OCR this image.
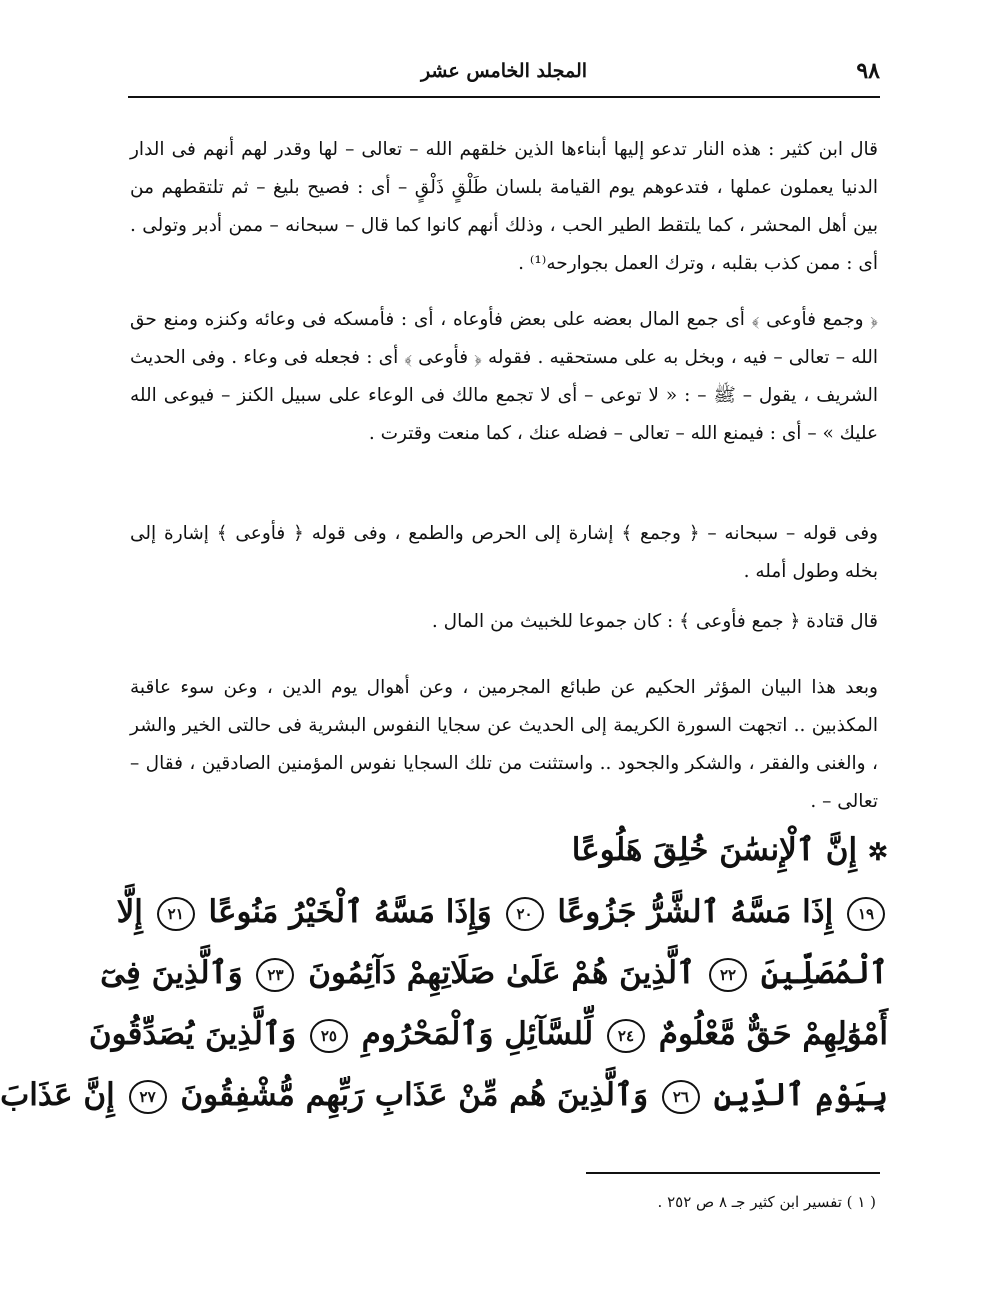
٩٨
المجلد الخامس عشر

قال ابن كثير : هذه النار تدعو إليها أبناءها الذين خلقهم الله – تعالى – لها وقدر لهم أنهم فى الدار الدنيا يعملون عملها ، فتدعوهم يوم القيامة بلسان طَلْقٍ ذَلْقٍ – أى : فصيح بليغ – ثم تلتقطهم من بين أهل المحشر ، كما يلتقط الطير الحب ، وذلك أنهم كانوا كما قال – سبحانه – ممن أدبر وتولى . أى : ممن كذب بقلبه ، وترك العمل بجوارحه⁽¹⁾ .

﴿ وجمع فأوعى ﴾ أى جمع المال بعضه على بعض فأوعاه ، أى : فأمسكه فى وعائه وكنزه ومنع حق الله – تعالى – فيه ، وبخل به على مستحقيه . فقوله ﴿ فأوعى ﴾ أى : فجعله فى وعاء . وفى الحديث الشريف ، يقول – ﷺ – : « لا توعى – أى لا تجمع مالك فى الوعاء على سبيل الكنز – فيوعى الله عليك » – أى : فيمنع الله – تعالى – فضله عنك ، كما منعت وقترت .

وفى قوله – سبحانه – ﴿ وجمع ﴾ إشارة إلى الحرص والطمع ، وفى قوله ﴿ فأوعى ﴾ إشارة إلى بخله وطول أمله .

قال قتادة ﴿ جمع فأوعى ﴾ : كان جموعا للخبيث من المال .

وبعد هذا البيان المؤثر الحكيم عن طبائع المجرمين ، وعن أهوال يوم الدين ، وعن سوء عاقبة المكذبين .. اتجهت السورة الكريمة إلى الحديث عن سجايا النفوس البشرية فى حالتى الخير والشر ، والغنى والفقر ، والشكر والجحود .. واستثنت من تلك السجايا نفوس المؤمنين الصادقين ، فقال – تعالى – .

✲ إِنَّ ٱلْإِنسَٰنَ خُلِقَ هَلُوعًا
١٩ إِذَا مَسَّهُ ٱلشَّرُّ جَزُوعًا ٢٠ وَإِذَا مَسَّهُ ٱلْخَيْرُ مَنُوعًا ٢١ إِلَّا
ٱلْمُصَلِّينَ ٢٢ ٱلَّذِينَ هُمْ عَلَىٰ صَلَاتِهِمْ دَآئِمُونَ ٢٣ وَٱلَّذِينَ فِىٓ
أَمْوَٰلِهِمْ حَقٌّ مَّعْلُومٌ ٢٤ لِّلسَّآئِلِ وَٱلْمَحْرُومِ ٢٥ وَٱلَّذِينَ يُصَدِّقُونَ
بِيَوْمِ ٱلدِّينِ ٢٦ وَٱلَّذِينَ هُم مِّنْ عَذَابِ رَبِّهِم مُّشْفِقُونَ ٢٧ إِنَّ عَذَابَ
( ١ ) تفسير ابن كثير جـ ٨ ص ٢٥٢ .
